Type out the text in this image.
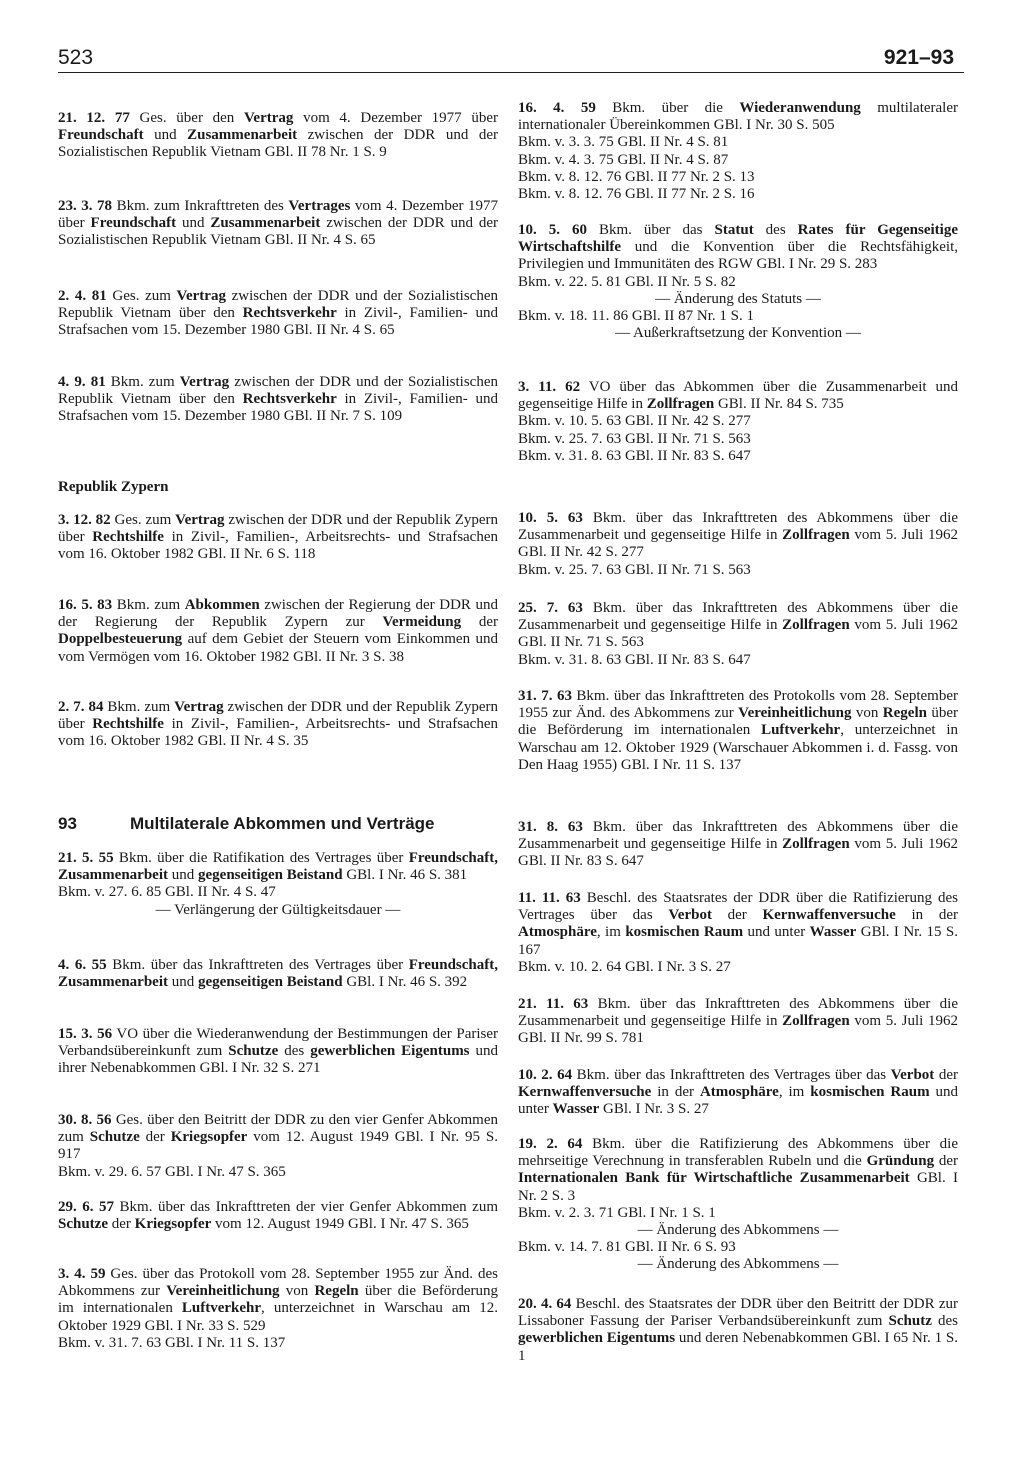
523	921–93

21. 12. 77 Ges. über den Vertrag vom 4. Dezember 1977 über Freundschaft und Zusammenarbeit zwischen der DDR und der Sozialistischen Republik Vietnam GBl. II 78 Nr. 1 S. 9

23. 3. 78 Bkm. zum Inkrafttreten des Vertrages vom 4. Dezember 1977 über Freundschaft und Zusammenarbeit zwischen der DDR und der Sozialistischen Republik Vietnam GBl. II Nr. 4 S. 65

2. 4. 81 Ges. zum Vertrag zwischen der DDR und der Sozialistischen Republik Vietnam über den Rechtsverkehr in Zivil-, Familien- und Strafsachen vom 15. Dezember 1980 GBl. II Nr. 4 S. 65

4. 9. 81 Bkm. zum Vertrag zwischen der DDR und der Sozialistischen Republik Vietnam über den Rechtsverkehr in Zivil-, Familien- und Strafsachen vom 15. Dezember 1980 GBl. II Nr. 7 S. 109

Republik Zypern

3. 12. 82 Ges. zum Vertrag zwischen der DDR und der Republik Zypern über Rechtshilfe in Zivil-, Familien-, Arbeitsrechts- und Strafsachen vom 16. Oktober 1982 GBl. II Nr. 6 S. 118

16. 5. 83 Bkm. zum Abkommen zwischen der Regierung der DDR und der Regierung der Republik Zypern zur Vermeidung der Doppelbesteuerung auf dem Gebiet der Steuern vom Einkommen und vom Vermögen vom 16. Oktober 1982 GBl. II Nr. 3 S. 38

2. 7. 84 Bkm. zum Vertrag zwischen der DDR und der Republik Zypern über Rechtshilfe in Zivil-, Familien-, Arbeitsrechts- und Strafsachen vom 16. Oktober 1982 GBl. II Nr. 4 S. 35

93	Multilaterale Abkommen und Verträge

21. 5. 55 Bkm. über die Ratifikation des Vertrages über Freundschaft, Zusammenarbeit und gegenseitigen Beistand GBl. I Nr. 46 S. 381
Bkm. v. 27. 6. 85 GBl. II Nr. 4 S. 47
— Verlängerung der Gültigkeitsdauer —

4. 6. 55 Bkm. über das Inkrafttreten des Vertrages über Freundschaft, Zusammenarbeit und gegenseitigen Beistand GBl. I Nr. 46 S. 392

15. 3. 56 VO über die Wiederanwendung der Bestimmungen der Pariser Verbandsübereinkunft zum Schutze des gewerblichen Eigentums und ihrer Nebenabkommen GBl. I Nr. 32 S. 271

30. 8. 56 Ges. über den Beitritt der DDR zu den vier Genfer Abkommen zum Schutze der Kriegsopfer vom 12. August 1949 GBl. I Nr. 95 S. 917
Bkm. v. 29. 6. 57 GBl. I Nr. 47 S. 365

29. 6. 57 Bkm. über das Inkrafttreten der vier Genfer Abkommen zum Schutze der Kriegsopfer vom 12. August 1949 GBl. I Nr. 47 S. 365

3. 4. 59 Ges. über das Protokoll vom 28. September 1955 zur Änd. des Abkommens zur Vereinheitlichung von Regeln über die Beförderung im internationalen Luftverkehr, unterzeichnet in Warschau am 12. Oktober 1929 GBl. I Nr. 33 S. 529
Bkm. v. 31. 7. 63 GBl. I Nr. 11 S. 137

16. 4. 59 Bkm. über die Wiederanwendung multilateraler internationaler Übereinkommen GBl. I Nr. 30 S. 505
Bkm. v. 3. 3. 75 GBl. II Nr. 4 S. 81
Bkm. v. 4. 3. 75 GBl. II Nr. 4 S. 87
Bkm. v. 8. 12. 76 GBl. II 77 Nr. 2 S. 13
Bkm. v. 8. 12. 76 GBl. II 77 Nr. 2 S. 16

10. 5. 60 Bkm. über das Statut des Rates für Gegenseitige Wirtschaftshilfe und die Konvention über die Rechtsfähigkeit, Privilegien und Immunitäten des RGW GBl. I Nr. 29 S. 283
Bkm. v. 22. 5. 81 GBl. II Nr. 5 S. 82
— Änderung des Statuts —
Bkm. v. 18. 11. 86 GBl. II 87 Nr. 1 S. 1
— Außerkraftsetzung der Konvention —

3. 11. 62 VO über das Abkommen über die Zusammenarbeit und gegenseitige Hilfe in Zollfragen GBl. II Nr. 84 S. 735
Bkm. v. 10. 5. 63 GBl. II Nr. 42 S. 277
Bkm. v. 25. 7. 63 GBl. II Nr. 71 S. 563
Bkm. v. 31. 8. 63 GBl. II Nr. 83 S. 647

10. 5. 63 Bkm. über das Inkrafttreten des Abkommens über die Zusammenarbeit und gegenseitige Hilfe in Zollfragen vom 5. Juli 1962 GBl. II Nr. 42 S. 277
Bkm. v. 25. 7. 63 GBl. II Nr. 71 S. 563

25. 7. 63 Bkm. über das Inkrafttreten des Abkommens über die Zusammenarbeit und gegenseitige Hilfe in Zollfragen vom 5. Juli 1962 GBl. II Nr. 71 S. 563
Bkm. v. 31. 8. 63 GBl. II Nr. 83 S. 647

31. 7. 63 Bkm. über das Inkrafttreten des Protokolls vom 28. September 1955 zur Änd. des Abkommens zur Vereinheitlichung von Regeln über die Beförderung im internationalen Luftverkehr, unterzeichnet in Warschau am 12. Oktober 1929 (Warschauer Abkommen i. d. Fassg. von Den Haag 1955) GBl. I Nr. 11 S. 137

31. 8. 63 Bkm. über das Inkrafttreten des Abkommens über die Zusammenarbeit und gegenseitige Hilfe in Zollfragen vom 5. Juli 1962 GBl. II Nr. 83 S. 647

11. 11. 63 Beschl. des Staatsrates der DDR über die Ratifizierung des Vertrages über das Verbot der Kernwaffenversuche in der Atmosphäre, im kosmischen Raum und unter Wasser GBl. I Nr. 15 S. 167
Bkm. v. 10. 2. 64 GBl. I Nr. 3 S. 27

21. 11. 63 Bkm. über das Inkrafttreten des Abkommens über die Zusammenarbeit und gegenseitige Hilfe in Zollfragen vom 5. Juli 1962 GBl. II Nr. 99 S. 781

10. 2. 64 Bkm. über das Inkrafttreten des Vertrages über das Verbot der Kernwaffenversuche in der Atmosphäre, im kosmischen Raum und unter Wasser GBl. I Nr. 3 S. 27

19. 2. 64 Bkm. über die Ratifizierung des Abkommens über die mehrseitige Verechnung in transferablen Rubeln und die Gründung der Internationalen Bank für Wirtschaftliche Zusammenarbeit GBl. I Nr. 2 S. 3
Bkm. v. 2. 3. 71 GBl. I Nr. 1 S. 1
— Änderung des Abkommens —
Bkm. v. 14. 7. 81 GBl. II Nr. 6 S. 93
— Änderung des Abkommens —

20. 4. 64 Beschl. des Staatsrates der DDR über den Beitritt der DDR zur Lissaboner Fassung der Pariser Verbandsübereinkunft zum Schutz des gewerblichen Eigentums und deren Nebenabkommen GBl. I 65 Nr. 1 S. 1
